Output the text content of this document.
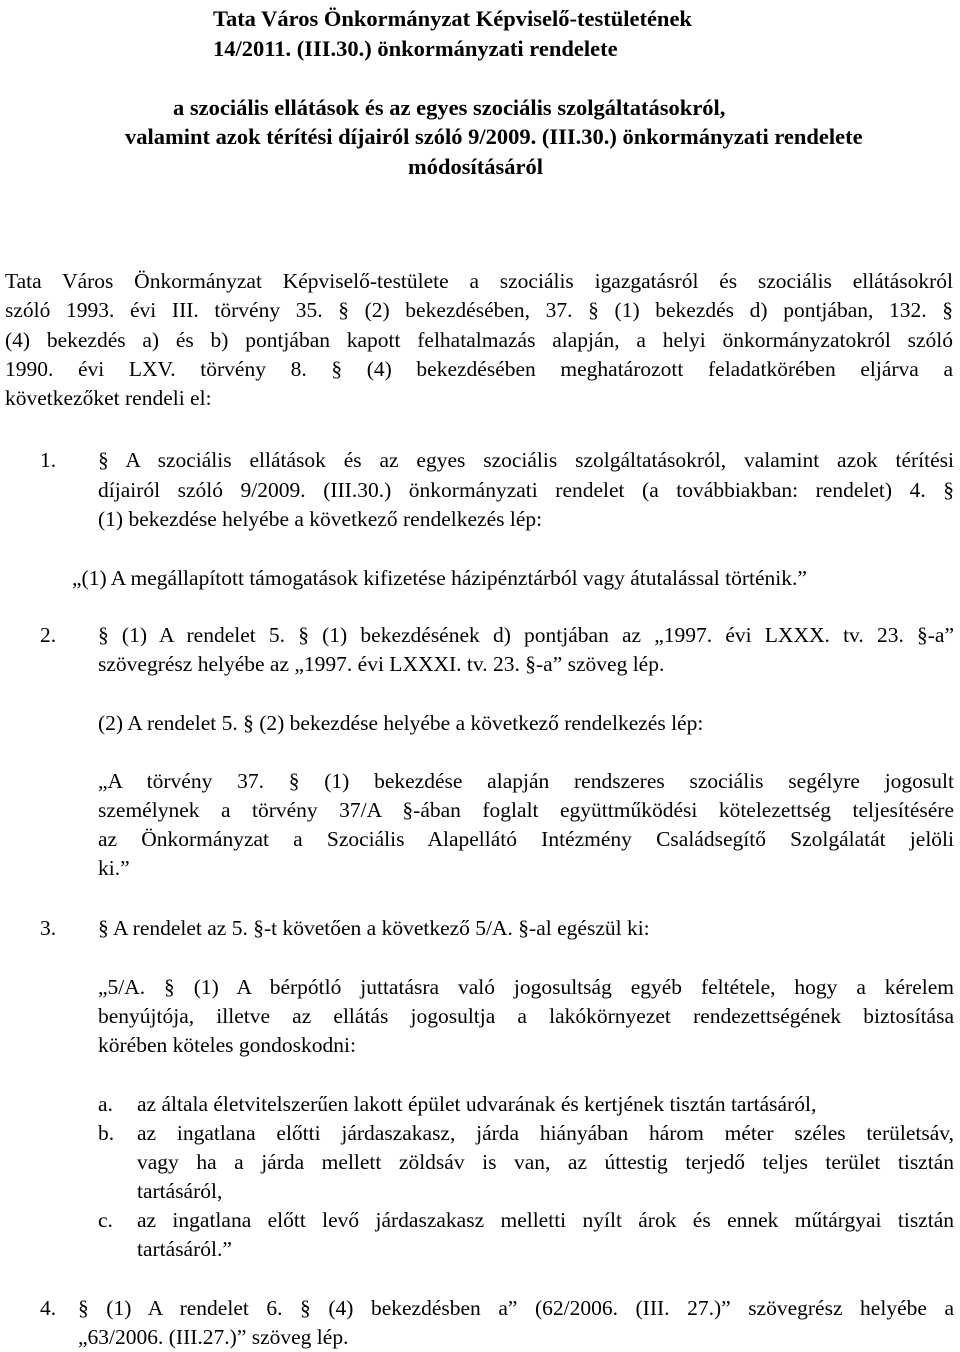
Tata Város Önkormányzat Képviselő-testületének

14/2011. (III.30.) önkormányzati rendelete

a szociális ellátások és az egyes szociális szolgáltatásokról,

valamint azok térítési díjairól szóló 9/2009. (III.30.) önkormányzati rendelete

módosításáról

Tata Város Önkormányzat Képviselő-testülete a szociális igazgatásról és szociális ellátásokról

szóló 1993. évi III. törvény 35. § (2) bekezdésében, 37. § (1) bekezdés d) pontjában, 132. §

(4) bekezdés a) és b) pontjában kapott felhatalmazás alapján, a helyi önkormányzatokról szóló

1990. évi LXV. törvény 8. § (4) bekezdésében meghatározott feladatkörében eljárva a

következőket rendeli el:

1. § A szociális ellátások és az egyes szociális szolgáltatásokról, valamint azok térítési

díjairól szóló 9/2009. (III.30.) önkormányzati rendelet (a továbbiakban: rendelet) 4. §

(1) bekezdése helyébe a következő rendelkezés lép:

„(1) A megállapított támogatások kifizetése házipénztárból vagy átutalással történik.”

2. § (1) A rendelet 5. § (1) bekezdésének d) pontjában az „1997. évi LXXX. tv. 23. §-a”

szövegrész helyébe az „1997. évi LXXXI. tv. 23. §-a” szöveg lép.

(2) A rendelet 5. § (2) bekezdése helyébe a következő rendelkezés lép:

„A törvény 37. § (1) bekezdése alapján rendszeres szociális segélyre jogosult

személynek a törvény 37/A §-ában foglalt együttműködési kötelezettség teljesítésére

az Önkormányzat a Szociális Alapellátó Intézmény Családsegítő Szolgálatát jelöli

ki.”

3. § A rendelet az 5. §-t követően a következő 5/A. §-al egészül ki:

„5/A. § (1) A bérpótló juttatásra való jogosultság egyéb feltétele, hogy a kérelem

benyújtója, illetve az ellátás jogosultja a lakókörnyezet rendezettségének biztosítása

körében köteles gondoskodni:

a. az általa életvitelszerűen lakott épület udvarának és kertjének tisztán tartásáról,

b. az ingatlana előtti járdaszakasz, járda hiányában három méter széles területsáv,

vagy ha a járda mellett zöldsáv is van, az úttestig terjedő teljes terület tisztán

tartásáról,

c. az ingatlana előtt levő járdaszakasz melletti nyílt árok és ennek műtárgyai tisztán

tartásáról.”

4. § (1) A rendelet 6. § (4) bekezdésben a” (62/2006. (III. 27.)” szövegrész helyébe a

„63/2006. (III.27.)” szöveg lép.
